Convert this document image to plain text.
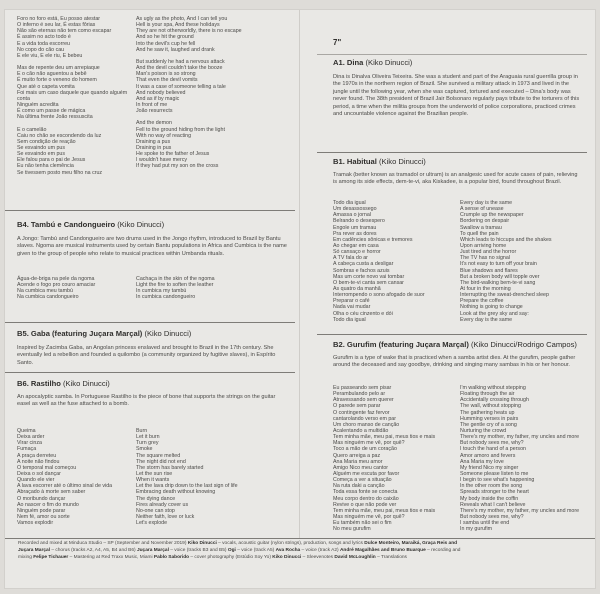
Foro no foro está, Eu posso atestar
O inferno é seu lar, É estas fôrias
Não são eternas não tem como escapar
É assim no acto todo é
E a vida toda escorreu
No copo do cão cau
E ele viu, E ele riu, E bebeu
Mas de repente deu um arrepiaque
E o cão não aguentou a bebê
É muito forte o veneno do homem
Que até o capeta vomita
Foi mais um caso daquele que quando alguém
conta
Ninguém acredita
É como um passe de mágica
Na última frente João ressuscita
E o camelão
Caiu no chão se escondendo da luz
Sem condição de reação
Se esvaindo um pus
Se esvaindo em pus
Ele falou para o pai de Jesus
Eu não tenha clemência
Se tivessem posto meu filho na cruz
As ugly as the photo, And I can tell you
Hell is your spa, And these holidays
They are not otherworldly, there is no escape
And so he hit the ground
Into the devil's cup he fell
And he saw it, laughed and drank
But suddenly he had a nervous attack
And the devil couldn't take the booze
Man's poison is so strong
That even the devil vomits
It was a case of someone telling a tale
And nobody believed
And as if by magic
In front of me
João resurrects
And the demon
Fell to the ground hiding from the light
With no way of reacting
Draining a pus
Draining in pus
He spoke to the father of Jesus
I wouldn't have mercy
If they had put my son on the cross
B4. Tambú e Candongueiro (Kiko Dinucci)
A Jongo: Tambú and Candongueiro are two drums used in the Jongo rhythm, introduced to Brazil by Bantu slaves. Ngoma are musical instruments used by certain Bantu populations in Africa and Cumbica is the name given to the group of people who relate to musical practices within Umbanda rituals.
Água-de-briga na pele da ngoma
Acende o fogo pro couro amaciar
Na cumbica meu tambú
Na cumbica candongueiro
Cachaça in the skin of the ngoma
Light the fire to soften the leather
In cumbica my tambú
In cumbica candongueiro
B5. Gaba (featuring Juçara Marçal) (Kiko Dinucci)
Inspired by Zacimba Gaba, an Angolan princess enslaved and brought to Brazil in the 17th century. She eventually led a rebellion and founded a quilombo (a community organized by fugitive slaves), in Espírito Santo.
B6. Rastilho (Kiko Dinucci)
An apocalyptic samba. In Portuguese Rastilho is the piece of bone that supports the strings on the guitar easel as well as the fuse attached to a bomb.
Queima
Deixa arder
Virar cinza
Fumaça
A praça derreteu
A noite não findou
O temporal mal começou
Deixa o sol dançar
Quando ele vier
A lava escorrer até o último sinal de vida
Abraçado à morte sem saber
O moribundo dançar
Ao nascer o fim do mundo
Ninguém pode parar
Nem fé, amor ou sorte
Vamos explodir
Burn
Let it burn
Turn grey
Smoke
The square melted
The night did not end
The storm has barely started
Let the sun rise
When it wants
Let the lava drip down to the last sign of life
Embracing death without knowing
The dying dance
Fires already cover us
No-one can stop
Neither faith, love or luck
Let's explode
7"
A1. Dina (Kiko Dinucci)
Dina is Dinalva Oliveira Teixeira. She was a student and part of the Araguaia rural guerrilla group in the 1970s in the northern region of Brazil. She survived a military attack in 1973 and lived in the jungle until the following year, when she was captured, tortured and executed – Dina's body was never found. The 38th president of Brazil Jair Bolsonaro regularly pays tribute to the torturers of this period, a time when the militia groups from the underworld of police corporations, practiced crimes and uncountable violence against the Brazilian people.
B1. Habitual (Kiko Dinucci)
Tramak (better known as tramadol or ultram) is an analgesic used for acute cases of pain, relieving is among its side effects, dem-te-vi, aka Kiskadee, is a popular bird, found throughout Brazil.
Todo dia igual
Um desassossego
Amassa o jornal
Belrando o desespero
Engole um tramau
Pra rever as dores
Em cadêncies sônicas e tremores
Ao chegar em casa
Só cansaço e horror
A TV fala do ar
A cabeça custa a desligar
Sombras e fachos azuis
Mas um corte novo vai tombar
O bem-te-vi canta sem cansar
As quatro da manhã
Interrompendo o sono afogado de suor
Preparar o café
Nada vai mudar
Olha o céu cinzento e dói
Todo dia igual
Every day is the same
A sense of unease
Crumple up the newspaper
Bordering on despair
Swallow a tramau
To quell the pain
Which leads to hiccups and the shakes
Upon arriving home
Just tired and the horror
The TV has no signal
It's not easy to turn off your brain
Blue shadows and flares
But a broken body will topple over
The bird-walking bem-te-vi sang
At four in the morning
Interrupting the sweat-drenched sleep
Prepare the coffee
Nothing is going to change
Look at the grey sky and say:
Every day is the same
B2. Gurufim (featuring Juçara Marçal) (Kiko Dinucci/Rodrigo Campos)
Gurufim is a type of wake that is practiced when a samba artist dies. At the gurufim, people gather around the deceased and say goodbye, drinking and singing many sambas in his or her honour.
Eu passeando sem pisar
Perambulando pelo ar
Atravessando sem querer
O parede sem parar
O contingente faz fervor
cantarolando verso em par
Um choro manso de canção
Acalentando a multidão
Tem minha mãe, meu pai, meus tios e mais
Mas ninguém me vê, por quê?
Toco a mão de um coração
Quero arreiga a paz
Ana Maria meu amor
Amigo Nico meu cantor
Alguém me escuta por favor
Começa a ver a situação
Na ruta daki a canção
Toda essa fonte se conecta
Meu corpo dentro do caixão
Revive o que não pode ver
Tem minha mãe, meu pai, meus tios e mais
Mas ninguém me vê, por quê?
Eu também não sei o fim
No meu gurufim
I'm walking without stepping
Floating through the air
Accidentally crossing through
The wall, without stopping
The gathering heats up
Humming verses in pairs
The gentle cry of a song
Nurturing the crowd
There's my mother, my father, my uncles and more
But nobody sees me, why?
I touch the hand of a person
Amor amoro and fevers
Ana Maria my love
My friend Nico my singer
Someone please listen to me
I begin to see what's happening
In the other room the song
Spreads stronger to the heart
My body inside the coffin
Reveals what I can't believe
There's my mother, my father, my uncles and more
But nobody sees me, why?
I samba until the end
In my gurufim
Recorded and mixed at Minduca Studio – SP (September and November 2019) Kiko Dinucci – vocals, acoustic guitar (nylon strings), production, songs and lyrics Dulce Monteiro, Maraiká, Graça Reis and
Juçara Marçal – chorus (tracks A2, A4, A5, B4 and B6) Juçara Marçal – voice (tracks B3 and B5) Ogi – voice (track A5) Ava Rocha – voice (track A2) André Magalhães and Bruno Buarque – recording and
mixing Felipe Tichauer – Mastering at Red Traxx Music, Miami Pablo Saborido – cover photography (Estúdio Soy Yo) Kiko Dinucci – Sleevenotes David McLoughlin – Translations
